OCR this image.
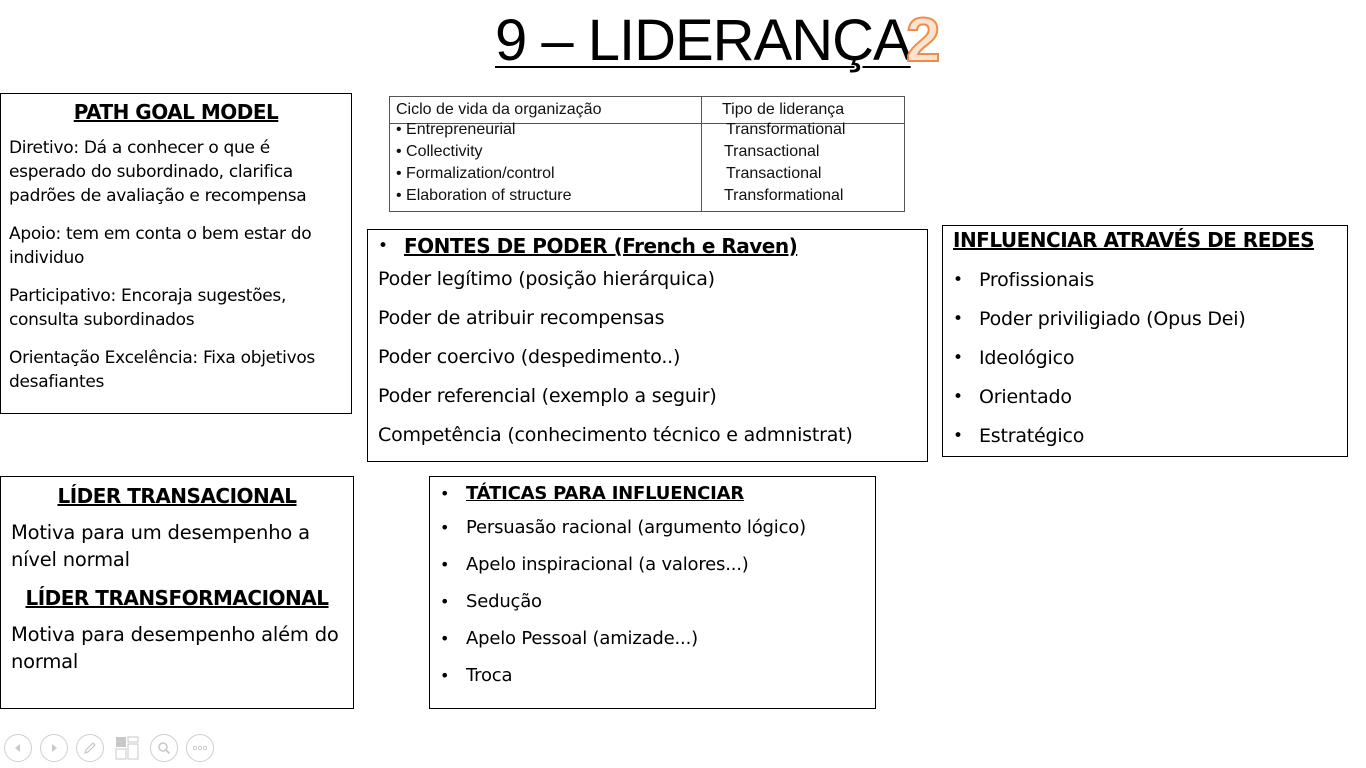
9 – LIDERANÇA
2
PATH GOAL MODEL

Diretivo: Dá a conhecer o que é esperado do subordinado, clarifica padrões de avaliação e recompensa

Apoio: tem em conta o bem estar do individuo

Participativo: Encoraja sugestões, consulta subordinados

Orientação Excelência: Fixa objetivos desafiantes

Ciclo de vida da organização	Tipo de liderança
• Entrepreneurial	Transformational
• Collectivity	Transactional
• Formalization/control	Transactional
• Elaboration of structure	Transformational
• FONTES DE PODER (French e Raven)

Poder legítimo (posição hierárquica)

Poder de atribuir recompensas

Poder coercivo (despedimento..)

Poder referencial (exemplo a seguir)

Competência (conhecimento técnico e admnistrat)

INFLUENCIAR ATRAVÉS DE REDES
• Profissionais
• Poder priviligiado (Opus Dei)
• Ideológico
• Orientado
• Estratégico
LÍDER TRANSACIONAL

Motiva para um desempenho a nível normal

LÍDER TRANSFORMACIONAL

Motiva para desempenho além do normal

• TÁTICAS PARA INFLUENCIAR
• Persuasão racional (argumento lógico)
• Apelo inspiracional (a valores...)
• Sedução
• Apelo Pessoal (amizade...)
• Troca
